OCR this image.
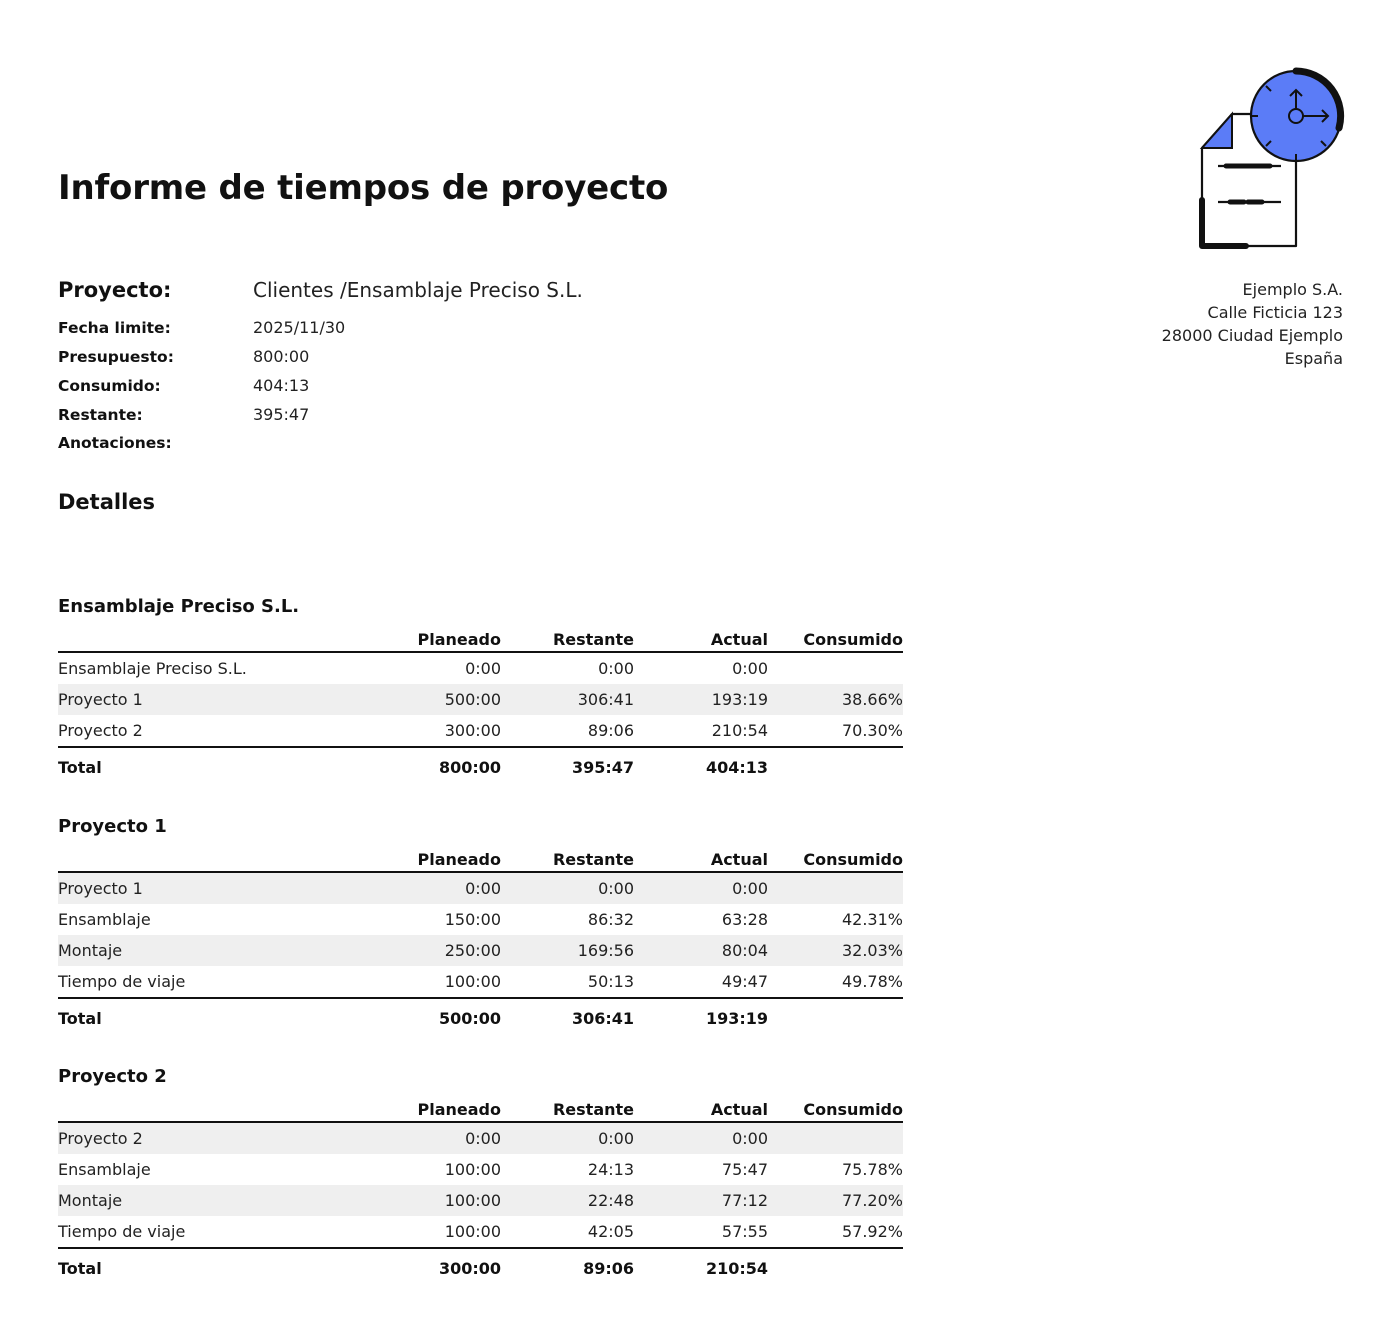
Informe de tiempos de proyecto
Ejemplo S.A.
Calle Ficticia 123
28000 Ciudad Ejemplo
España
Proyecto:	Clientes /Ensamblaje Preciso S.L.
Fecha limite:	2025/11/30
Presupuesto:	800:00
Consumido:	404:13
Restante:	395:47
Anotaciones:
Detalles
Ensamblaje Preciso S.L.
	Planeado	Restante	Actual	Consumido
Ensamblaje Preciso S.L.	0:00	0:00	0:00	
Proyecto 1	500:00	306:41	193:19	38.66%
Proyecto 2	300:00	89:06	210:54	70.30%
Total	800:00	395:47	404:13	
Proyecto 1
	Planeado	Restante	Actual	Consumido
Proyecto 1	0:00	0:00	0:00	
Ensamblaje	150:00	86:32	63:28	42.31%
Montaje	250:00	169:56	80:04	32.03%
Tiempo de viaje	100:00	50:13	49:47	49.78%
Total	500:00	306:41	193:19	
Proyecto 2
	Planeado	Restante	Actual	Consumido
Proyecto 2	0:00	0:00	0:00	
Ensamblaje	100:00	24:13	75:47	75.78%
Montaje	100:00	22:48	77:12	77.20%
Tiempo de viaje	100:00	42:05	57:55	57.92%
Total	300:00	89:06	210:54	
